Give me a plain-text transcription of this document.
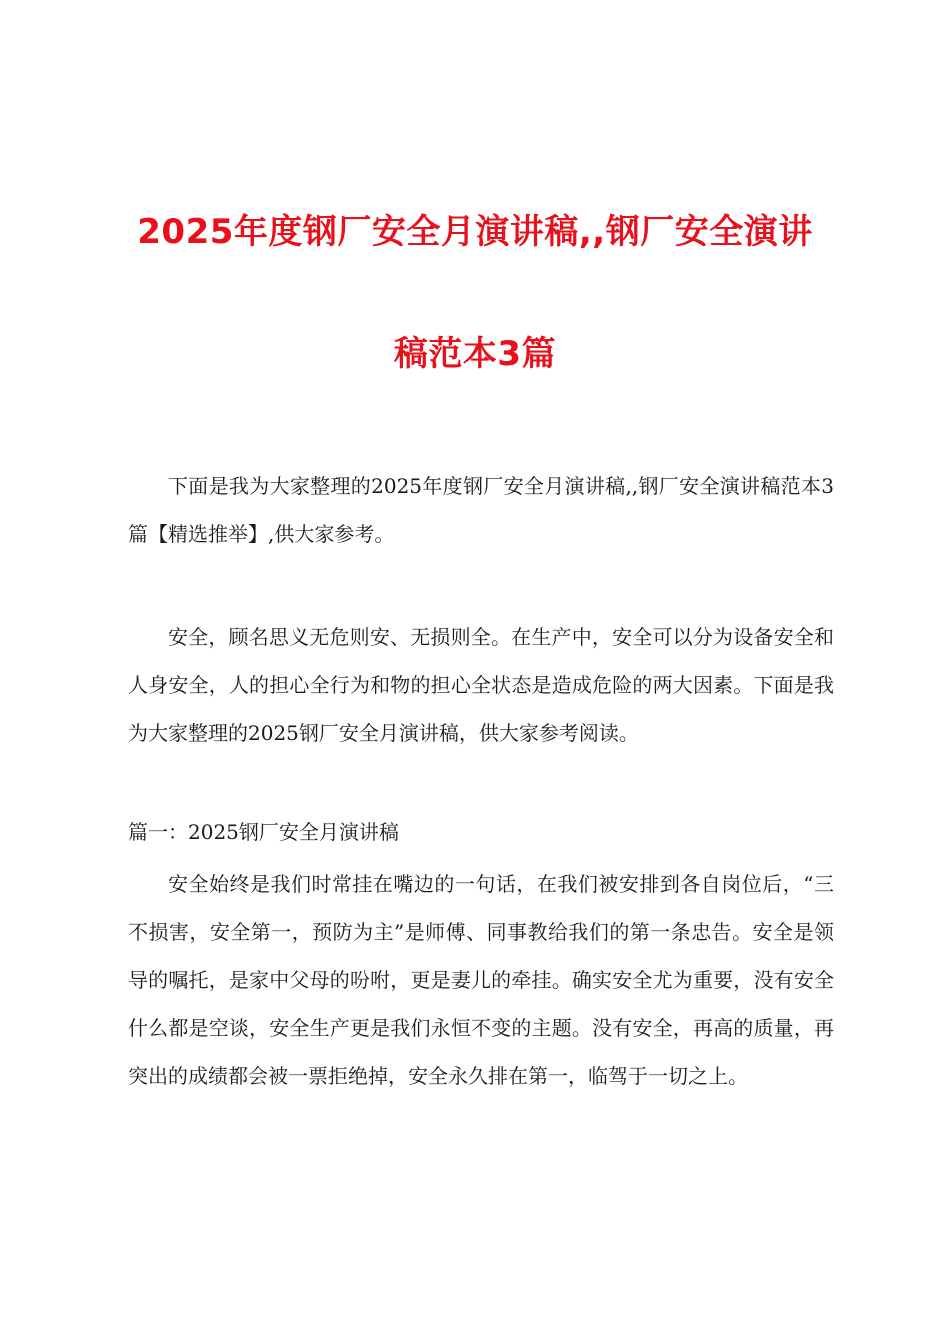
2025年度钢厂安全月演讲稿,,钢厂安全演讲
稿范本3篇

下面是我为大家整理的2025年度钢厂安全月演讲稿,,钢厂安全演讲稿范本3篇【精选推举】,供大家参考。

安全，顾名思义无危则安、无损则全。在生产中，安全可以分为设备安全和人身安全，人的担心全行为和物的担心全状态是造成危险的两大因素。下面是我为大家整理的2025钢厂安全月演讲稿，供大家参考阅读。

篇一：2025钢厂安全月演讲稿

安全始终是我们时常挂在嘴边的一句话，在我们被安排到各自岗位后，“三不损害，安全第一，预防为主”是师傅、同事教给我们的第一条忠告。安全是领导的嘱托，是家中父母的吩咐，更是妻儿的牵挂。确实安全尤为重要，没有安全什么都是空谈，安全生产更是我们永恒不变的主题。没有安全，再高的质量，再突出的成绩都会被一票拒绝掉，安全永久排在第一，临驾于一切之上。
